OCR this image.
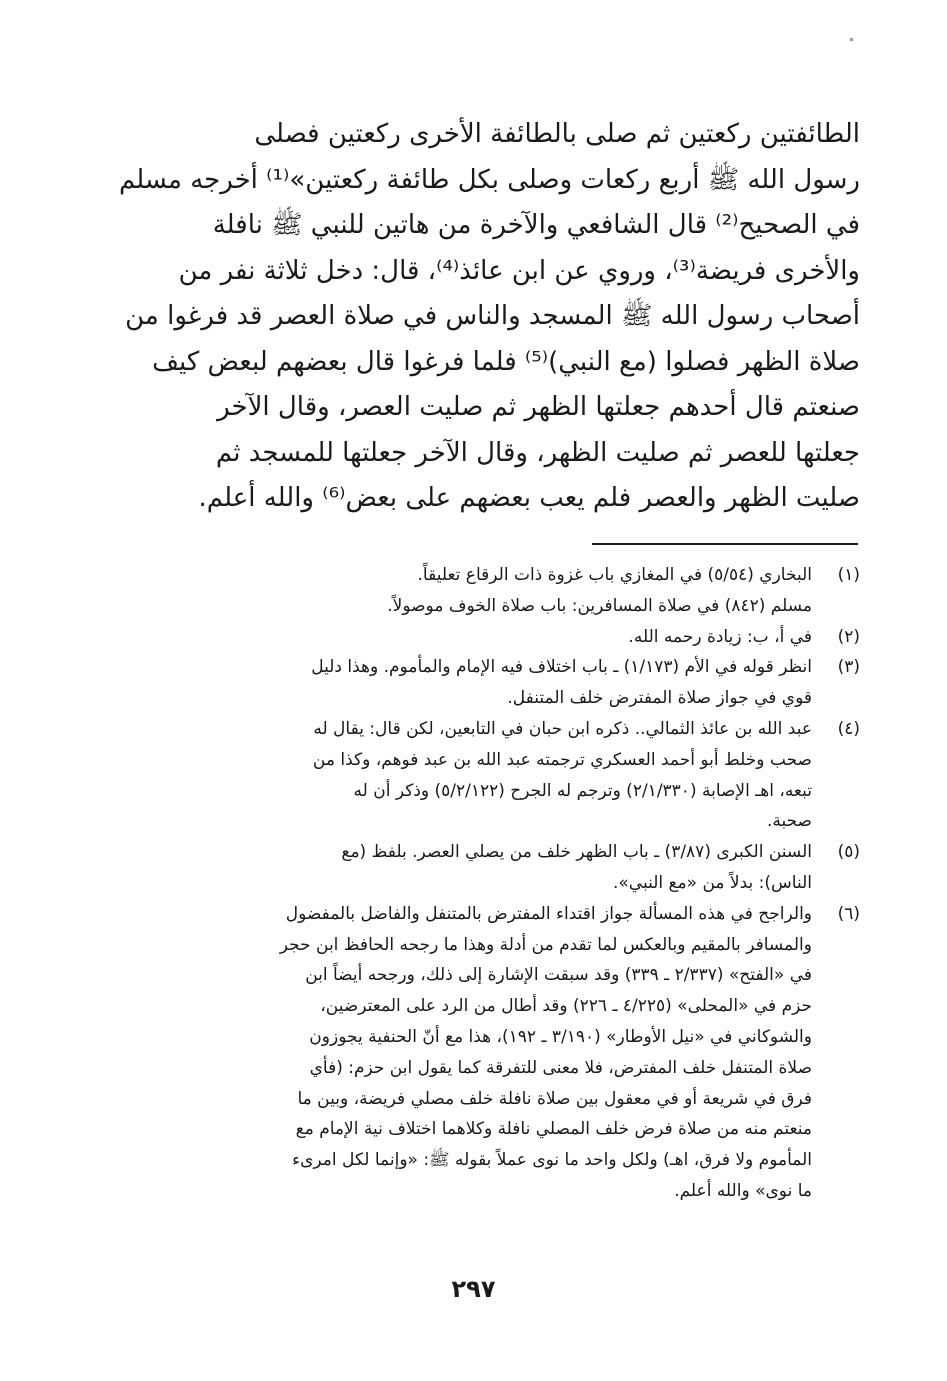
الطائفتين ركعتين ثم صلى بالطائفة الأخرى ركعتين فصلى
رسول الله ﷺ أربع ركعات وصلى بكل طائفة ركعتين»⁽¹⁾ أخرجه مسلم
في الصحيح⁽²⁾ قال الشافعي والآخرة من هاتين للنبي ﷺ نافلة
والأخرى فريضة⁽³⁾، وروي عن ابن عائذ⁽⁴⁾، قال: دخل ثلاثة نفر من
أصحاب رسول الله ﷺ المسجد والناس في صلاة العصر قد فرغوا من
صلاة الظهر فصلوا (مع النبي)⁽⁵⁾ فلما فرغوا قال بعضهم لبعض كيف
صنعتم قال أحدهم جعلتها الظهر ثم صليت العصر، وقال الآخر
جعلتها للعصر ثم صليت الظهر، وقال الآخر جعلتها للمسجد ثم
صليت الظهر والعصر فلم يعب بعضهم على بعض⁽⁶⁾ والله أعلم.
(١)
البخاري (٥/٥٤) في المغازي باب غزوة ذات الرقاع تعليقاً.
مسلم (٨٤٢) في صلاة المسافرين: باب صلاة الخوف موصولاً.
(٢)
في أ، ب: زيادة رحمه الله.
(٣)
انظر قوله في الأم (١/١٧٣) ـ باب اختلاف فيه الإمام والمأموم. وهذا دليل
قوي في جواز صلاة المفترض خلف المتنفل.
(٤)
عبد الله بن عائذ الثمالي.. ذكره ابن حبان في التابعين، لكن قال: يقال له
صحب وخلط أبو أحمد العسكري ترجمته عبد الله بن عبد فوهم، وكذا من
تبعه، اهـ الإصابة (٢/١/٣٣٠) وترجم له الجرح (٥/٢/١٢٢) وذكر أن له
صحبة.
(٥)
السنن الكبرى (٣/٨٧) ـ باب الظهر خلف من يصلي العصر. بلفظ (مع
الناس): بدلاً من «مع النبي».
(٦)
والراجح في هذه المسألة جواز اقتداء المفترض بالمتنفل والفاضل بالمفضول
والمسافر بالمقيم وبالعكس لما تقدم من أدلة وهذا ما رجحه الحافظ ابن حجر
في «الفتح» (٢/٣٣٧ ـ ٣٣٩) وقد سبقت الإشارة إلى ذلك، ورجحه أيضاً ابن
حزم في «المحلى» (٤/٢٢٥ ـ ٢٢٦) وقد أطال من الرد على المعترضين،
والشوكاني في «نيل الأوطار» (٣/١٩٠ ـ ١٩٢)، هذا مع أنّ الحنفية يجوزون
صلاة المتنفل خلف المفترض، فلا معنى للتفرقة كما يقول ابن حزم: (فأي
فرق في شريعة أو في معقول بين صلاة نافلة خلف مصلي فريضة، وبين ما
منعتم منه من صلاة فرض خلف المصلي نافلة وكلاهما اختلاف نية الإمام مع
المأموم ولا فرق، اهـ) ولكل واحد ما نوى عملاً بقوله ﷺ: «وإنما لكل امرىء
ما نوى» والله أعلم.
٢٩٧
